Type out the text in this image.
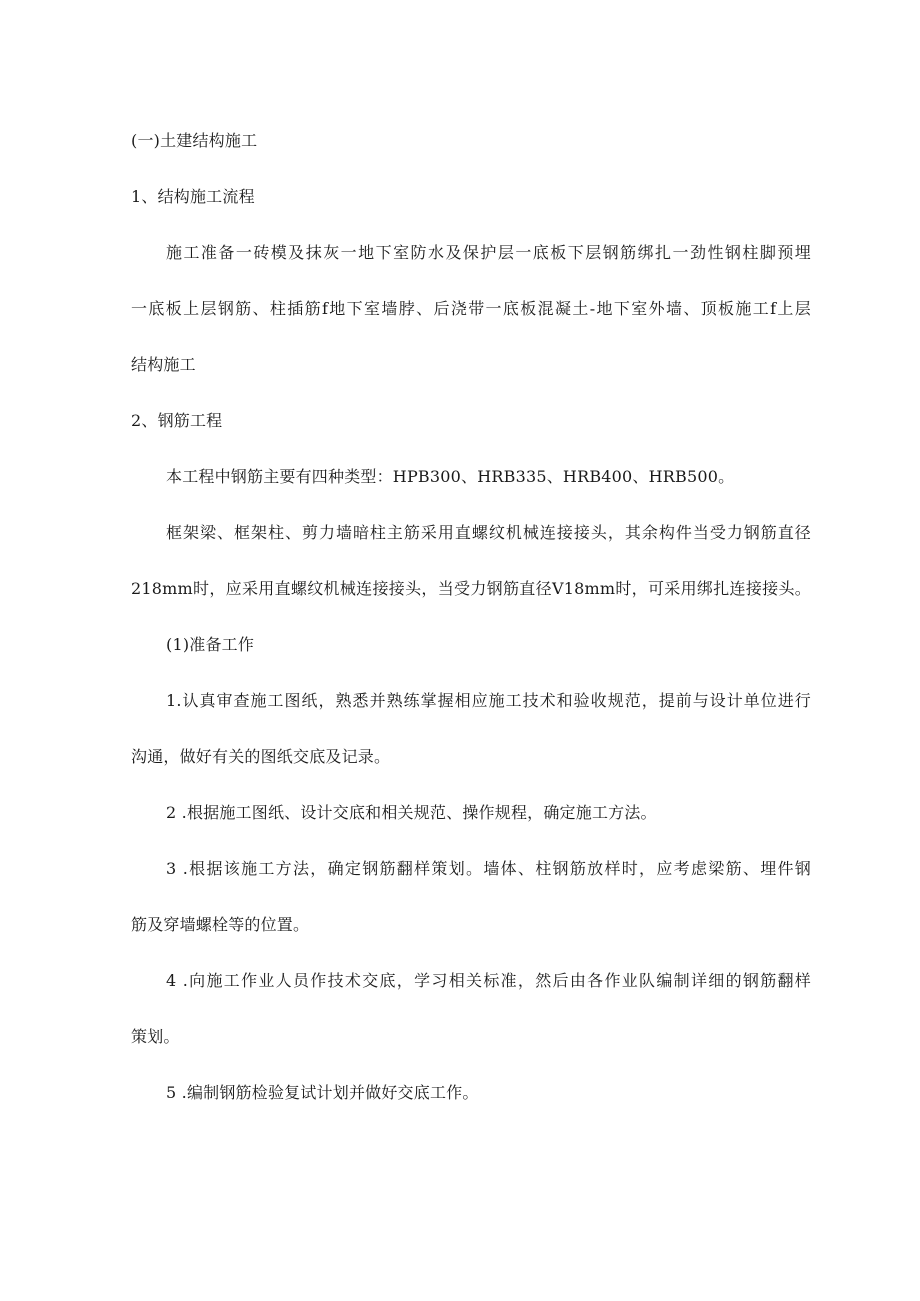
(一)土建结构施工
1、结构施工流程
施工准备一砖模及抹灰一地下室防水及保护层一底板下层钢筋绑扎一劲性钢柱脚预埋
一底板上层钢筋、柱插筋f地下室墙脖、后浇带一底板混凝土-地下室外墙、顶板施工f上层
结构施工
2、钢筋工程
本工程中钢筋主要有四种类型：HPB300、HRB335、HRB400、HRB500。
框架梁、框架柱、剪力墙暗柱主筋采用直螺纹机械连接接头，其余构件当受力钢筋直径
218mm时，应采用直螺纹机械连接接头，当受力钢筋直径V18mm时，可采用绑扎连接接头。
(1)准备工作
1.认真审查施工图纸，熟悉并熟练掌握相应施工技术和验收规范，提前与设计单位进行
沟通，做好有关的图纸交底及记录。
2 .根据施工图纸、设计交底和相关规范、操作规程，确定施工方法。
3 .根据该施工方法，确定钢筋翻样策划。墙体、柱钢筋放样时，应考虑梁筋、埋件钢
筋及穿墙螺栓等的位置。
4 .向施工作业人员作技术交底，学习相关标准，然后由各作业队编制详细的钢筋翻样
策划。
5 .编制钢筋检验复试计划并做好交底工作。
